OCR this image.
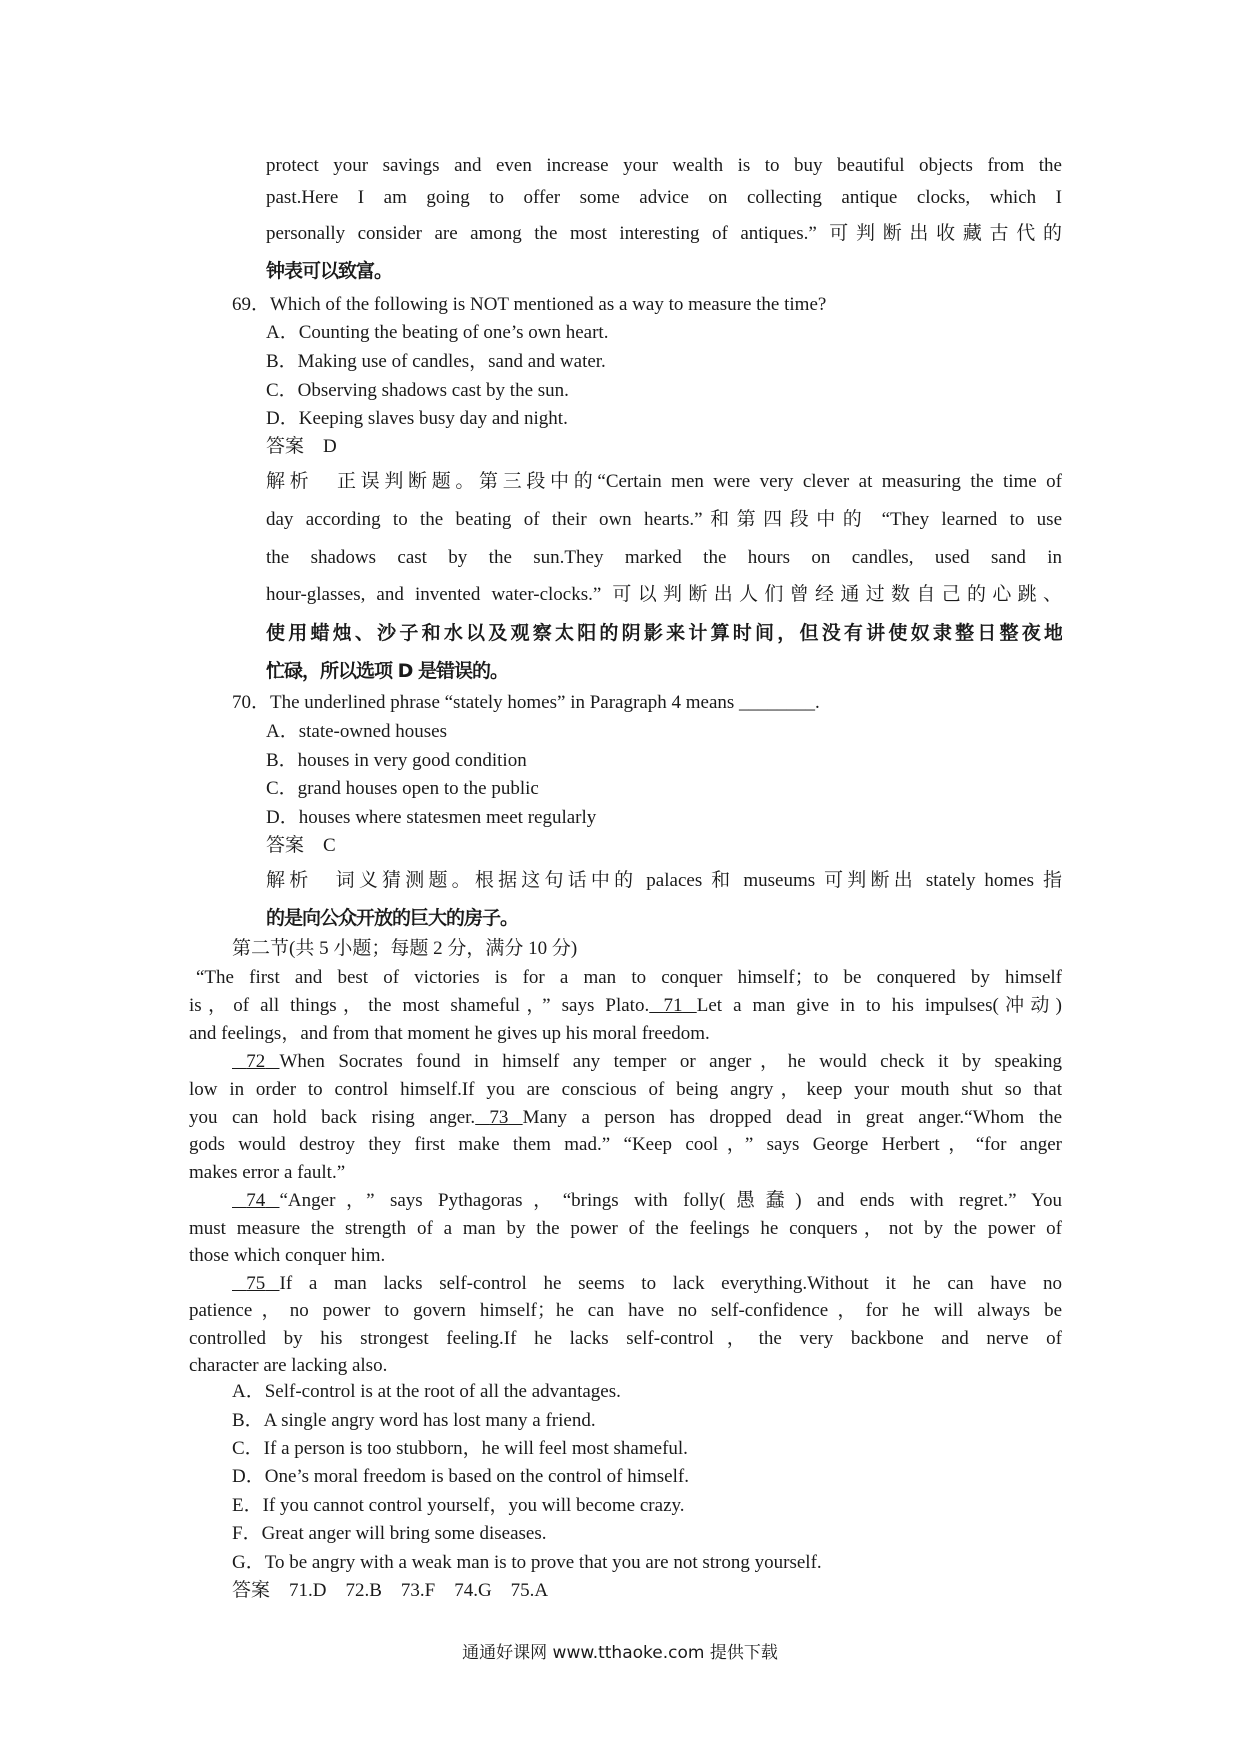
protect your savings and even increase your wealth is to buy beautiful objects from the
past.Here I am going to offer some advice on collecting antique clocks, which I
personally consider are among the most interesting of antiques.” 可判断出收藏古代的
钟表可以致富。
69．Which of the following is NOT mentioned as a way to measure the time?
A．Counting the beating of one’s own heart.
B．Making use of candles，sand and water.
C．Observing shadows cast by the sun.
D．Keeping slaves busy day and night.
答案　D
解析　正误判断题。第三段中的“Certain men were very clever at measuring the time of
day according to the beating of their own hearts.”和第四段中的 “They learned to use
the shadows cast by the sun.They marked the hours on candles, used sand in
hour-glasses, and invented water-clocks.” 可以判断出人们曾经通过数自己的心跳、
使用蜡烛、沙子和水以及观察太阳的阴影来计算时间，但没有讲使奴隶整日整夜地
忙碌，所以选项 D 是错误的。
70．The underlined phrase “stately homes” in Paragraph 4 means ________.
A．state-owned houses
B．houses in very good condition
C．grand houses open to the public
D．houses where statesmen meet regularly
答案　C
解析　词义猜测题。根据这句话中的 palaces 和 museums 可判断出 stately homes 指
的是向公众开放的巨大的房子。
第二节(共 5 小题；每题 2 分，满分 10 分)
“The first and best of victories is for a man to conquer himself；to be conquered by himself
is，of all things，the most shameful，” says Plato. 71 Let a man give in to his impulses(冲动)
and feelings，and from that moment he gives up his moral freedom.
72 When Socrates found in himself any temper or anger，he would check it by speaking
low in order to control himself.If you are conscious of being angry，keep your mouth shut so that
you can hold back rising anger. 73 Many a person has dropped dead in great anger.“Whom the
gods would destroy they first make them mad.” “Keep cool，” says George Herbert，“for anger
makes error a fault.”
74 “Anger，” says Pythagoras，“brings with folly(愚蠢) and ends with regret.” You
must measure the strength of a man by the power of the feelings he conquers，not by the power of
those which conquer him.
75 If a man lacks self-control he seems to lack everything.Without it he can have no
patience，no power to govern himself；he can have no self-confidence，for he will always be
controlled by his strongest feeling.If he lacks self-control，the very backbone and nerve of
character are lacking also.
A．Self-control is at the root of all the advantages.
B．A single angry word has lost many a friend.
C．If a person is too stubborn，he will feel most shameful.
D．One’s moral freedom is based on the control of himself.
E．If you cannot control yourself，you will become crazy.
F．Great anger will bring some diseases.
G．To be angry with a weak man is to prove that you are not strong yourself.
答案　71.D　72.B　73.F　74.G　75.A
通通好课网 www.tthaoke.com 提供下载
